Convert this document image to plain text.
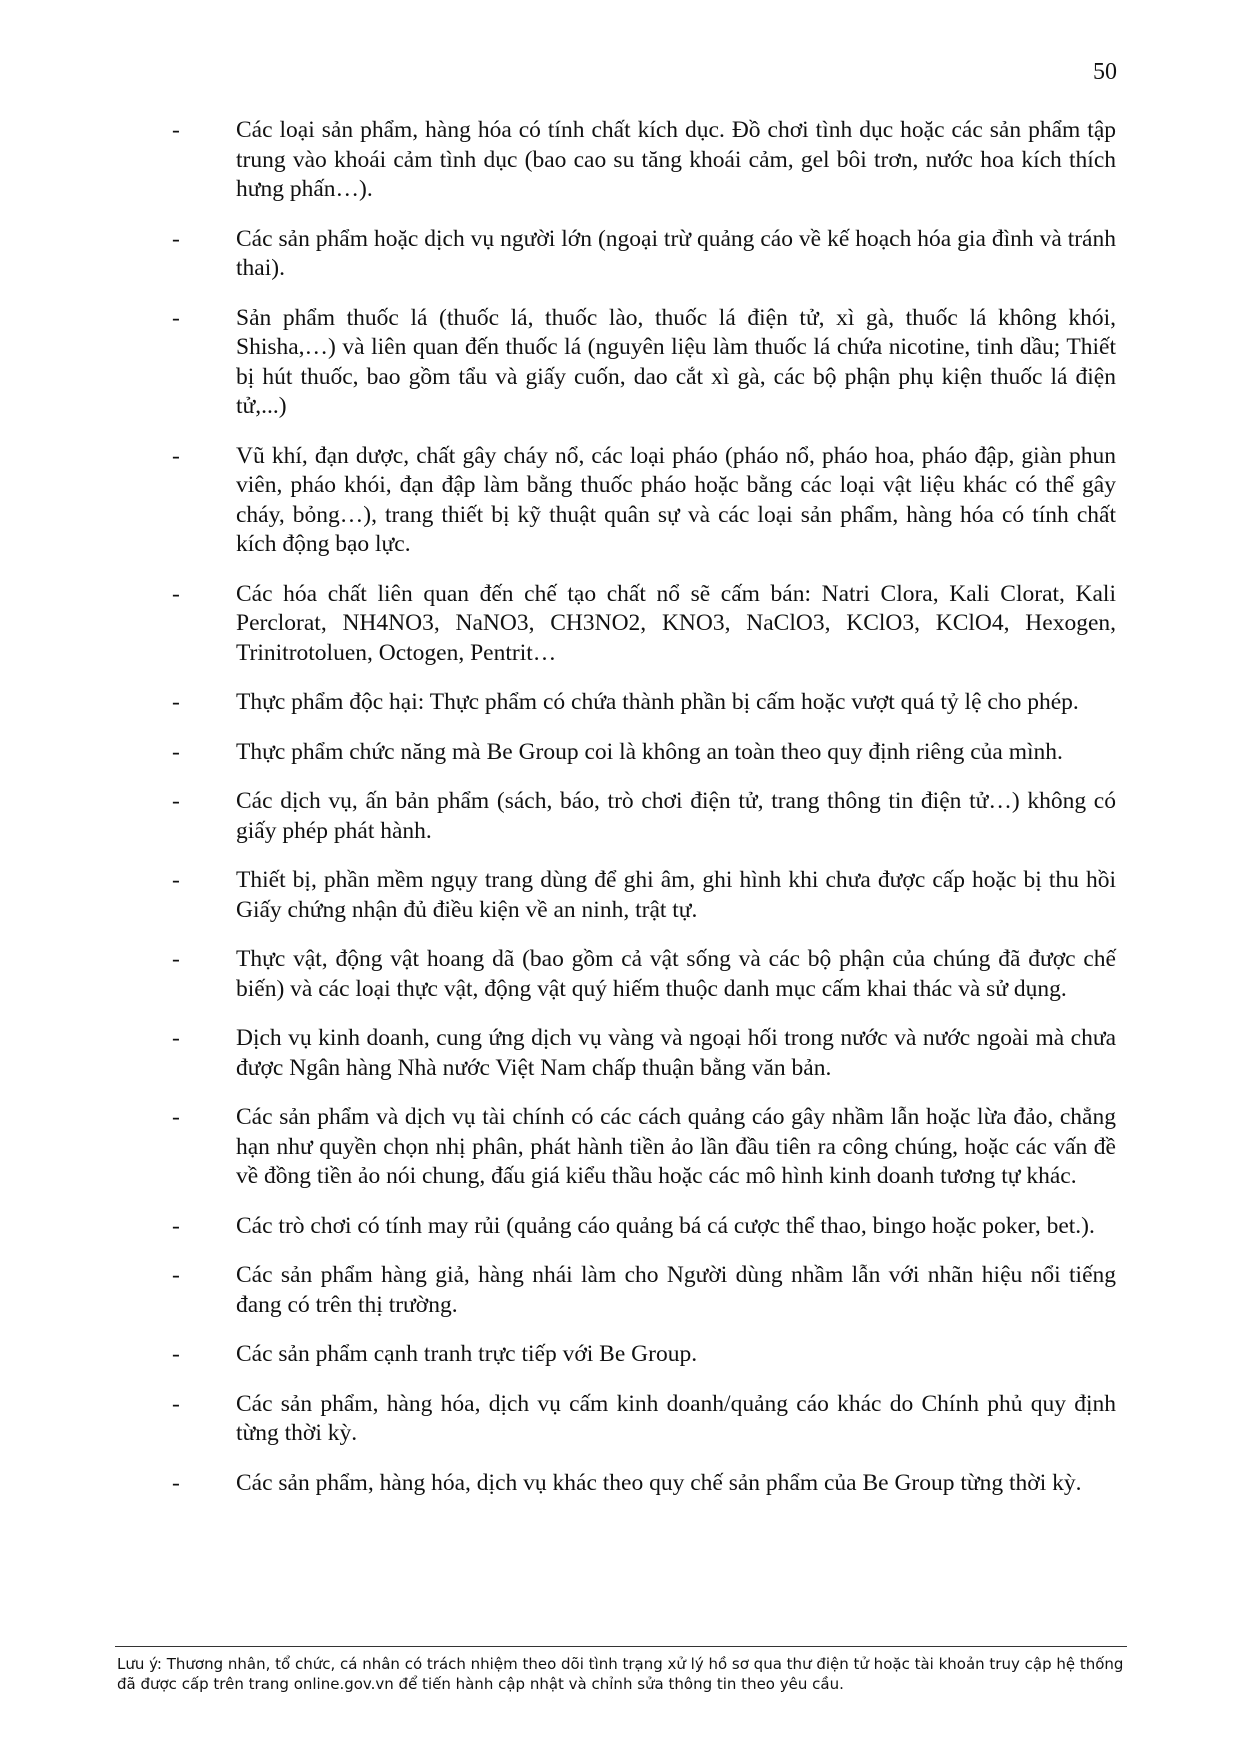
50
-	Các loại sản phẩm, hàng hóa có tính chất kích dục. Đồ chơi tình dục hoặc các sản phẩm tập trung vào khoái cảm tình dục (bao cao su tăng khoái cảm, gel bôi trơn, nước hoa kích thích hưng phấn…).
-	Các sản phẩm hoặc dịch vụ người lớn (ngoại trừ quảng cáo về kế hoạch hóa gia đình và tránh thai).
-	Sản phẩm thuốc lá (thuốc lá, thuốc lào, thuốc lá điện tử, xì gà, thuốc lá không khói, Shisha,…) và liên quan đến thuốc lá (nguyên liệu làm thuốc lá chứa nicotine, tinh dầu; Thiết bị hút thuốc, bao gồm tẩu và giấy cuốn, dao cắt xì gà, các bộ phận phụ kiện thuốc lá điện tử,...)
-	Vũ khí, đạn dược, chất gây cháy nổ, các loại pháo (pháo nổ, pháo hoa, pháo đập, giàn phun viên, pháo khói, đạn đập làm bằng thuốc pháo hoặc bằng các loại vật liệu khác có thể gây cháy, bỏng…), trang thiết bị kỹ thuật quân sự và các loại sản phẩm, hàng hóa có tính chất kích động bạo lực.
-	Các hóa chất liên quan đến chế tạo chất nổ sẽ cấm bán: Natri Clora, Kali Clorat, Kali Perclorat, NH4NO3, NaNO3, CH3NO2, KNO3, NaClO3, KClO3, KClO4, Hexogen, Trinitrotoluen, Octogen, Pentrit…
-	Thực phẩm độc hại: Thực phẩm có chứa thành phần bị cấm hoặc vượt quá tỷ lệ cho phép.
-	Thực phẩm chức năng mà Be Group coi là không an toàn theo quy định riêng của mình.
-	Các dịch vụ, ấn bản phẩm (sách, báo, trò chơi điện tử, trang thông tin điện tử…) không có giấy phép phát hành.
-	Thiết bị, phần mềm ngụy trang dùng để ghi âm, ghi hình khi chưa được cấp hoặc bị thu hồi Giấy chứng nhận đủ điều kiện về an ninh, trật tự.
-	Thực vật, động vật hoang dã (bao gồm cả vật sống và các bộ phận của chúng đã được chế biến) và các loại thực vật, động vật quý hiếm thuộc danh mục cấm khai thác và sử dụng.
-	Dịch vụ kinh doanh, cung ứng dịch vụ vàng và ngoại hối trong nước và nước ngoài mà chưa được Ngân hàng Nhà nước Việt Nam chấp thuận bằng văn bản.
-	Các sản phẩm và dịch vụ tài chính có các cách quảng cáo gây nhầm lẫn hoặc lừa đảo, chẳng hạn như quyền chọn nhị phân, phát hành tiền ảo lần đầu tiên ra công chúng, hoặc các vấn đề về đồng tiền ảo nói chung, đấu giá kiểu thầu hoặc các mô hình kinh doanh tương tự khác.
-	Các trò chơi có tính may rủi (quảng cáo quảng bá cá cược thể thao, bingo hoặc poker, bet.).
-	Các sản phẩm hàng giả, hàng nhái làm cho Người dùng nhầm lẫn với nhãn hiệu nổi tiếng đang có trên thị trường.
-	Các sản phẩm cạnh tranh trực tiếp với Be Group.
-	Các sản phẩm, hàng hóa, dịch vụ cấm kinh doanh/quảng cáo khác do Chính phủ quy định từng thời kỳ.
-	Các sản phẩm, hàng hóa, dịch vụ khác theo quy chế sản phẩm của Be Group từng thời kỳ.
Lưu ý: Thương nhân, tổ chức, cá nhân có trách nhiệm theo dõi tình trạng xử lý hồ sơ qua thư điện tử hoặc tài khoản truy cập hệ thống đã được cấp trên trang online.gov.vn để tiến hành cập nhật và chỉnh sửa thông tin theo yêu cầu.
